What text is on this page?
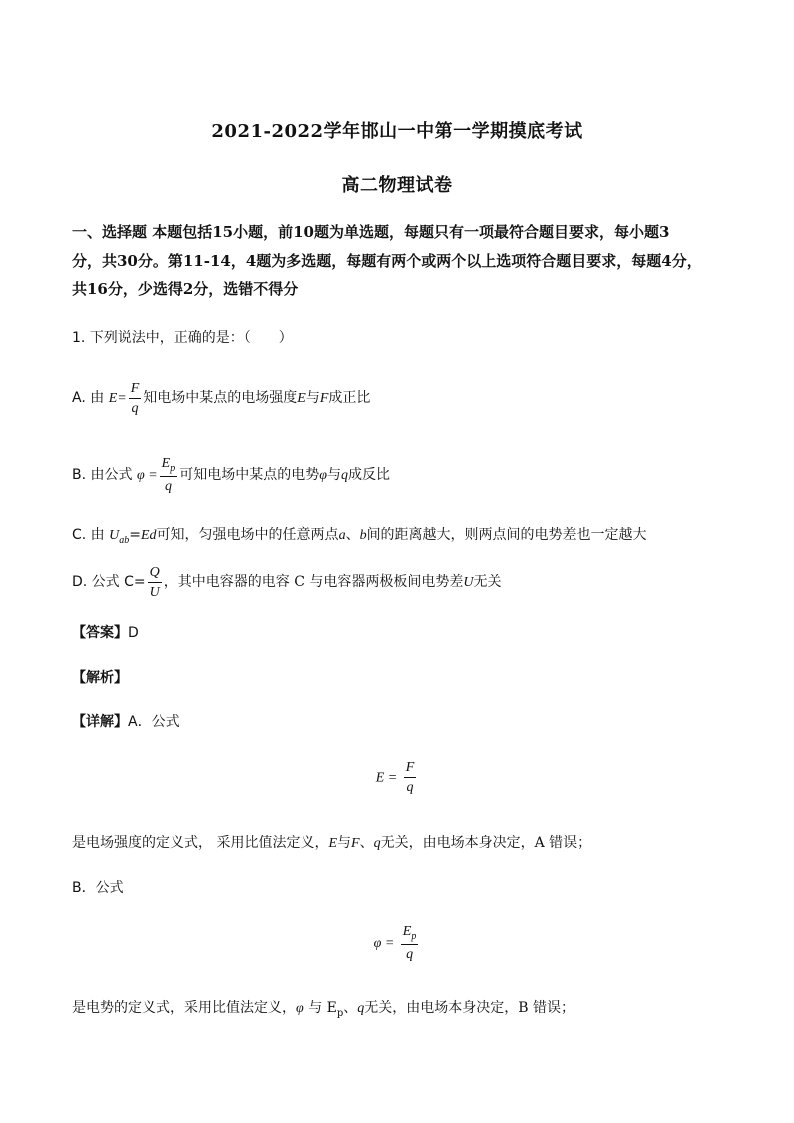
2021-2022学年邯山一中第一学期摸底考试
高二物理试卷
一、选择题 本题包括15小题，前10题为单选题，每题只有一项最符合题目要求，每小题3
分，共30分。第11-14，4题为多选题，每题有两个或两个以上选项符合题目要求，每题4分，
共16分，少选得2分，选错不得分
1. 下列说法中，正确的是：（　　）
A. 由 $E= \frac{F}{q}$ 知电场中某点的电场强度E与F成正比
B. 由公式 $\varphi = \frac{E_p}{q}$ 可知电场中某点的电势φ与q成反比
C. 由 $U_{ab}=Ed$可知，匀强电场中的任意两点a、b间的距离越大，则两点间的电势差也一定越大
D. 公式 $C= \frac{Q}{U}$ ，其中电容器的电容 C 与电容器两极板间电势差U无关
【答案】D
【解析】
【详解】A．公式
$E = \frac{F}{q}$
是电场强度的定义式， 采用比值法定义，E与F、q无关，由电场本身决定，A 错误；
B．公式
$\varphi = \frac{E_p}{q}$
是电势的定义式，采用比值法定义，φ 与 $E_p$、q无关，由电场本身决定，B 错误；
